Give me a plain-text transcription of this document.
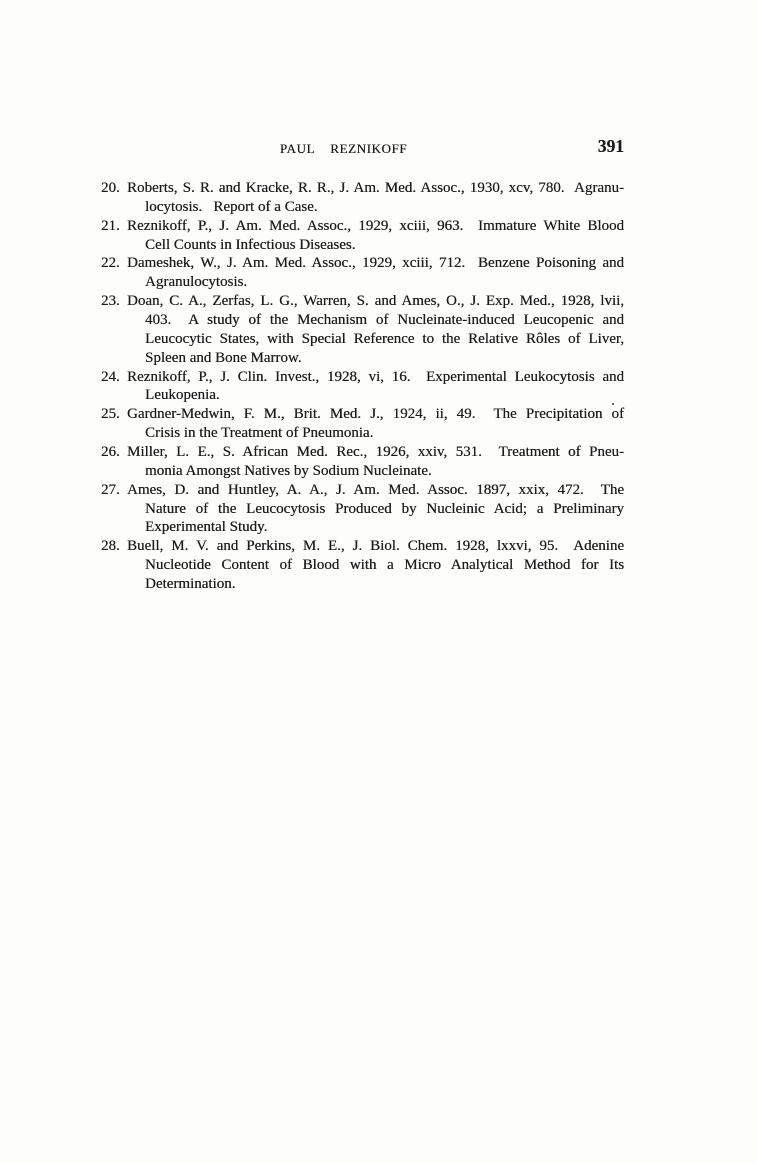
PAUL  REZNIKOFF	391
20. Roberts, S. R. and Kracke, R. R., J. Am. Med. Assoc., 1930, xcv, 780.  Agranu-
locytosis.   Report of a Case.
21. Reznikoff, P., J. Am. Med. Assoc., 1929, xciii, 963.  Immature White Blood
Cell Counts in Infectious Diseases.
22. Dameshek, W., J. Am. Med. Assoc., 1929, xciii, 712.  Benzene Poisoning and
Agranulocytosis.
23. Doan, C. A., Zerfas, L. G., Warren, S. and Ames, O., J. Exp. Med., 1928, lvii,
403.  A study of the Mechanism of Nucleinate-induced Leucopenic and
Leucocytic States, with Special Reference to the Relative Rôles of Liver,
Spleen and Bone Marrow.
24. Reznikoff, P., J. Clin. Invest., 1928, vi, 16.  Experimental Leukocytosis and
Leukopenia.
25. Gardner-Medwin, F. M., Brit. Med. J., 1924, ii, 49.  The Precipitation of
Crisis in the Treatment of Pneumonia.
26. Miller, L. E., S. African Med. Rec., 1926, xxiv, 531.  Treatment of Pneu-
monia Amongst Natives by Sodium Nucleinate.
27. Ames, D. and Huntley, A. A., J. Am. Med. Assoc. 1897, xxix, 472.  The
Nature of the Leucocytosis Produced by Nucleinic Acid; a Preliminary
Experimental Study.
28. Buell, M. V. and Perkins, M. E., J. Biol. Chem. 1928, lxxvi, 95.  Adenine
Nucleotide Content of Blood with a Micro Analytical Method for Its
Determination.
